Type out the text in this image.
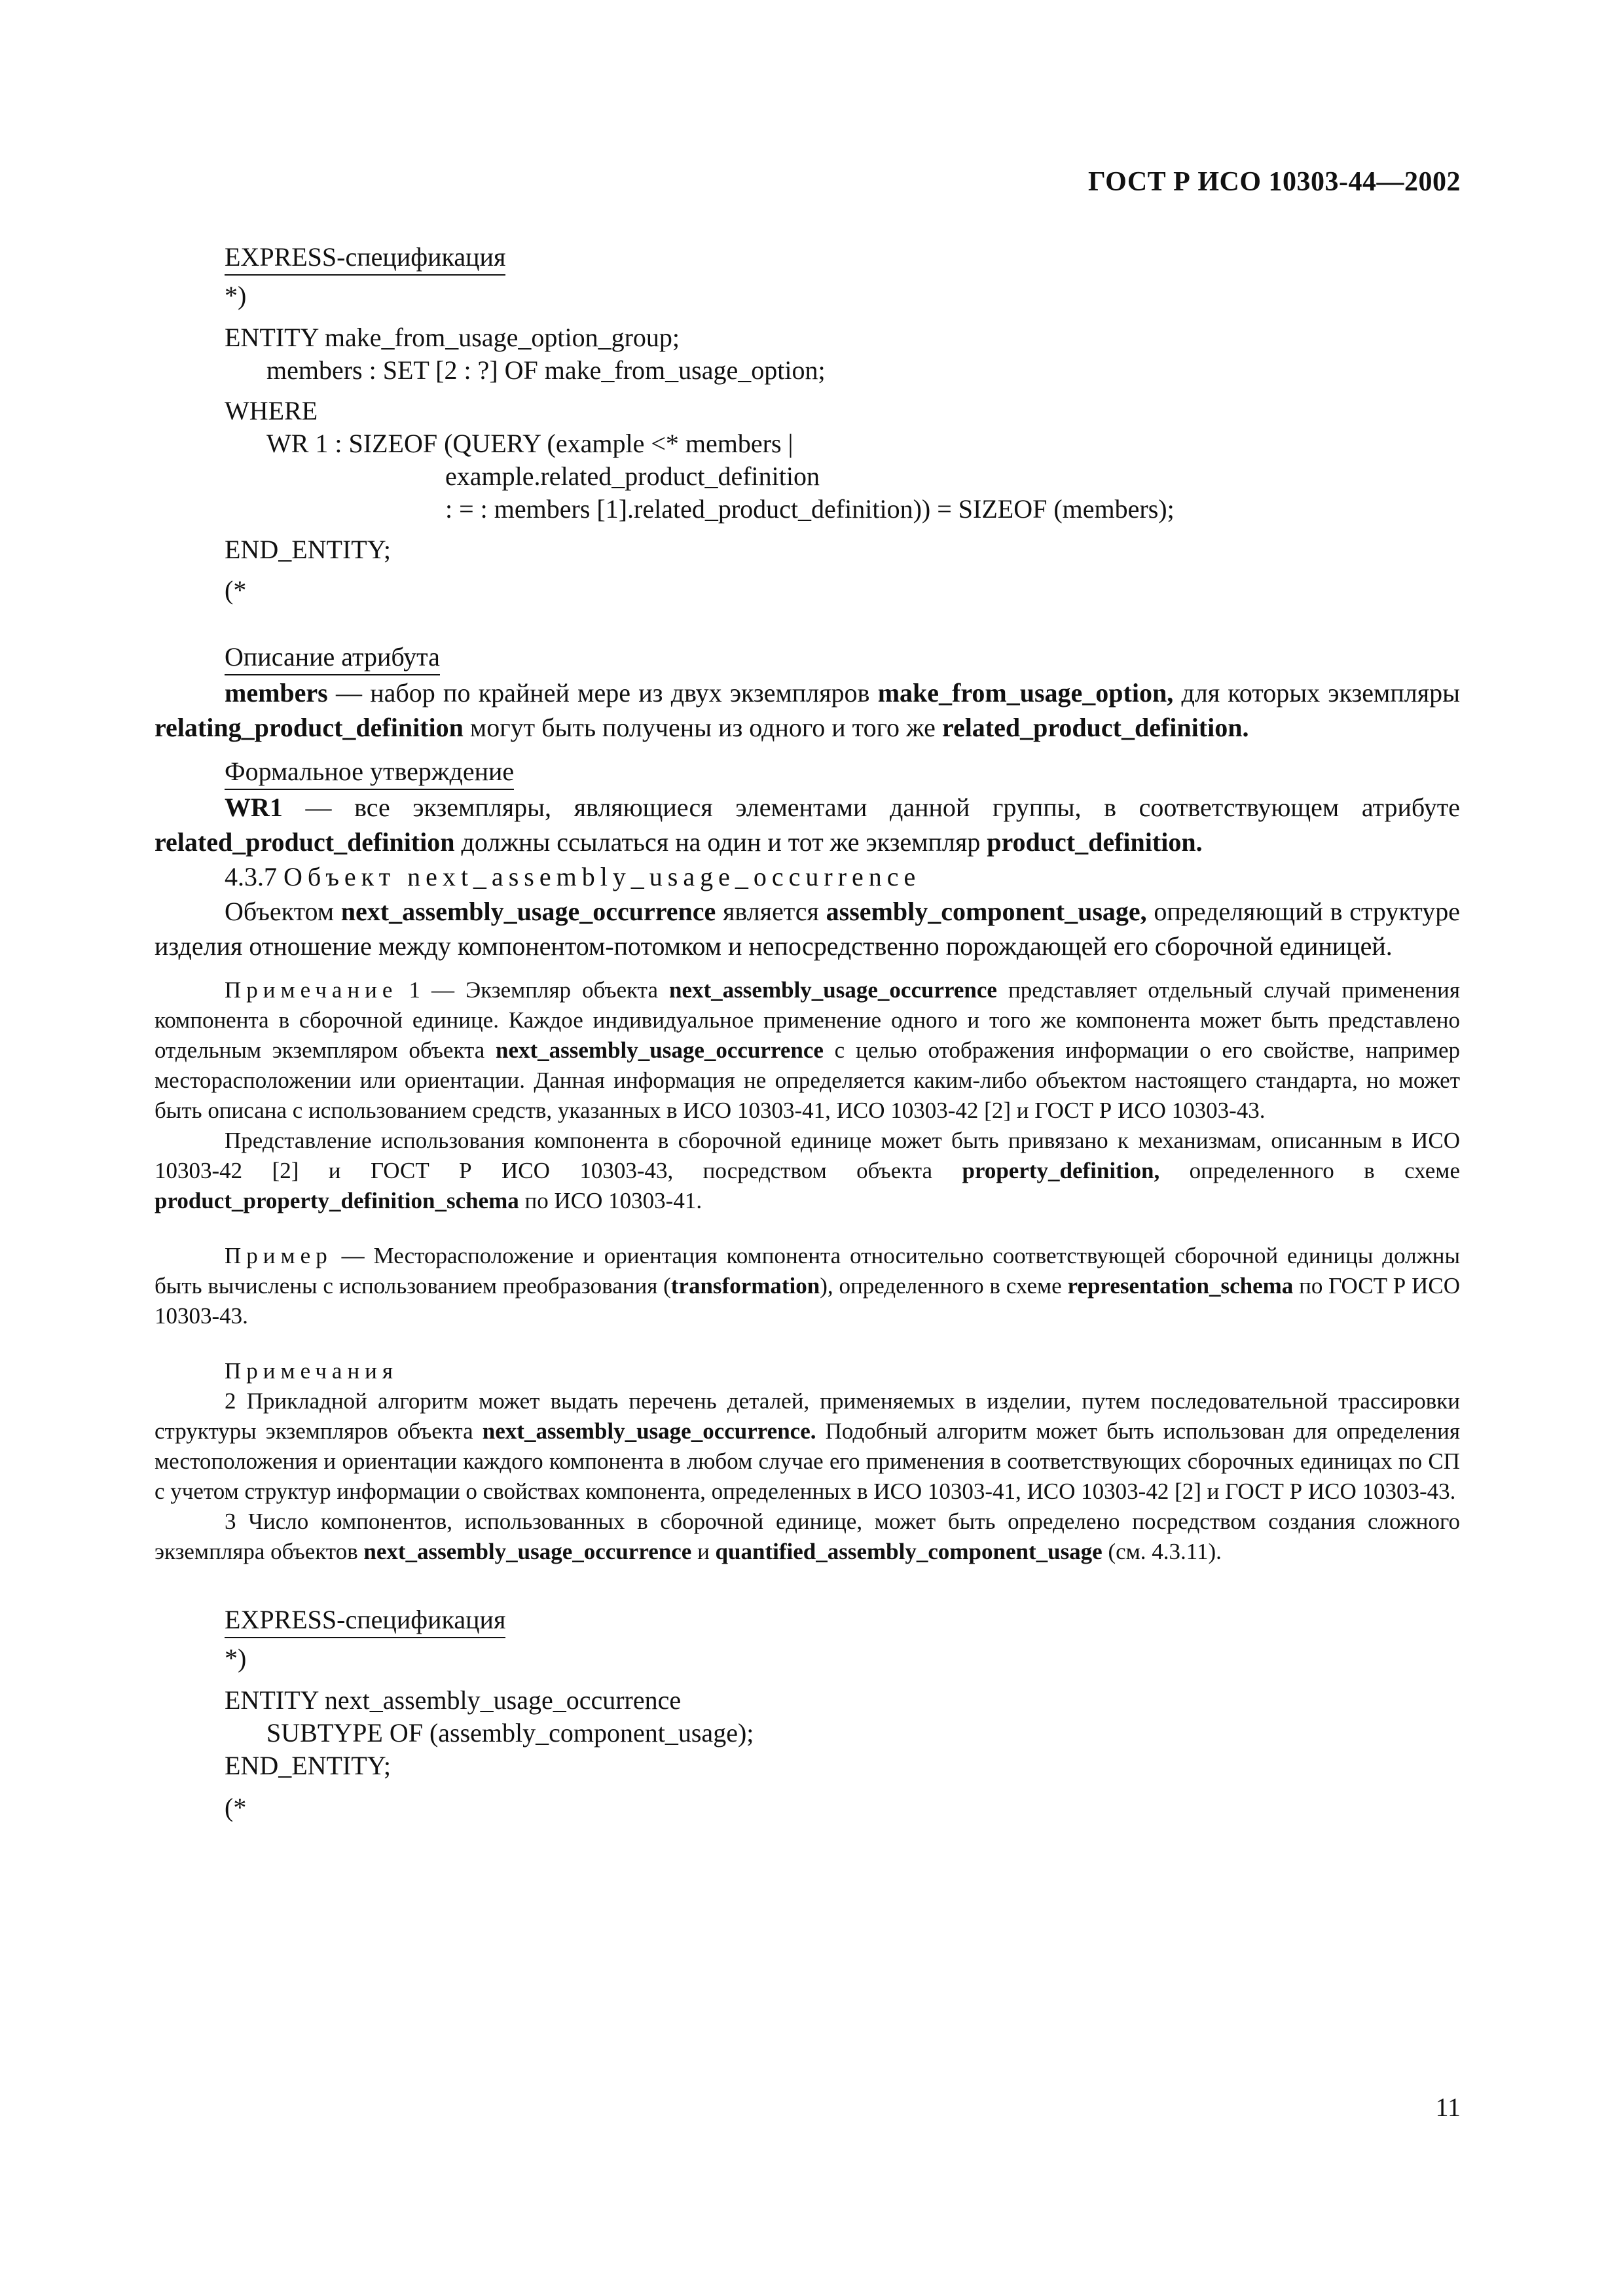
ГОСТ Р ИСО 10303-44—2002
EXPRESS-спецификация

*)

ENTITY make_from_usage_option_group;

members : SET [2 : ?] OF make_from_usage_option;

WHERE

WR 1 : SIZEOF (QUERY (example <* members |

example.related_product_definition

: = : members [1].related_product_definition)) = SIZEOF (members);

END_ENTITY;

(*

Описание атрибута

members — набор по крайней мере из двух экземпляров make_from_usage_option, для которых экземпляры relating_product_definition могут быть получены из одного и того же related_product_definition.

Формальное утверждение

WR1 — все экземпляры, являющиеся элементами данной группы, в соответствующем атрибуте related_product_definition должны ссылаться на один и тот же экземпляр product_definition.

4.3.7 Объект next_assembly_usage_occurrence

Объектом next_assembly_usage_occurrence является assembly_component_usage, определяющий в структуре изделия отношение между компонентом-потомком и непосредственно порождающей его сборочной единицей.

Примечание 1 — Экземпляр объекта next_assembly_usage_occurrence представляет отдельный случай применения компонента в сборочной единице. Каждое индивидуальное применение одного и того же компонента может быть представлено отдельным экземпляром объекта next_assembly_usage_occurrence с целью отображения информации о его свойстве, например месторасположении или ориентации. Данная информация не определяется каким-либо объектом настоящего стандарта, но может быть описана с использованием средств, указанных в ИСО 10303-41, ИСО 10303-42 [2] и ГОСТ Р ИСО 10303-43.

Представление использования компонента в сборочной единице может быть привязано к механизмам, описанным в ИСО 10303-42 [2] и ГОСТ Р ИСО 10303-43, посредством объекта property_definition, определенного в схеме product_property_definition_schema по ИСО 10303-41.

Пример — Месторасположение и ориентация компонента относительно соответствующей сборочной единицы должны быть вычислены с использованием преобразования (transformation), определенного в схеме representation_schema по ГОСТ Р ИСО 10303-43.

Примечания

2 Прикладной алгоритм может выдать перечень деталей, применяемых в изделии, путем последовательной трассировки структуры экземпляров объекта next_assembly_usage_occurrence. Подобный алгоритм может быть использован для определения местоположения и ориентации каждого компонента в любом случае его применения в соответствующих сборочных единицах по СП с учетом структур информации о свойствах компонента, определенных в ИСО 10303-41, ИСО 10303-42 [2] и ГОСТ Р ИСО 10303-43.

3 Число компонентов, использованных в сборочной единице, может быть определено посредством создания сложного экземпляра объектов next_assembly_usage_occurrence и quantified_assembly_component_usage (см. 4.3.11).

EXPRESS-спецификация

*)

ENTITY next_assembly_usage_occurrence

SUBTYPE OF (assembly_component_usage);

END_ENTITY;

(*

11
